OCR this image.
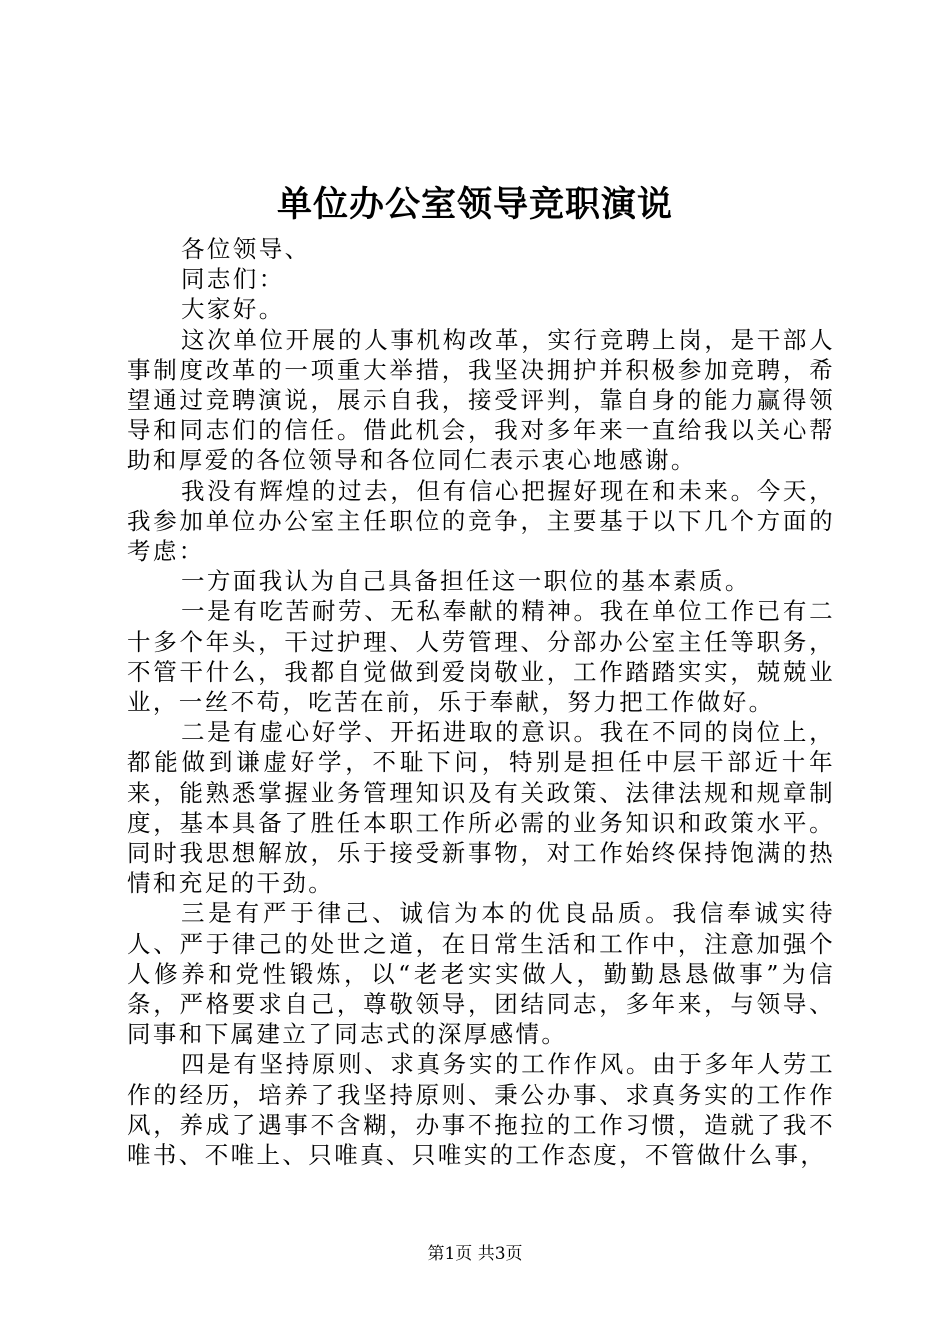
单位办公室领导竞职演说

各位领导、

同志们：

大家好。

这次单位开展的人事机构改革，实行竞聘上岗，是干部人事制度改革的一项重大举措，我坚决拥护并积极参加竞聘，希望通过竞聘演说，展示自我，接受评判，靠自身的能力赢得领导和同志们的信任。借此机会，我对多年来一直给我以关心帮助和厚爱的各位领导和各位同仁表示衷心地感谢。

我没有辉煌的过去，但有信心把握好现在和未来。今天，我参加单位办公室主任职位的竞争，主要基于以下几个方面的考虑：

一方面我认为自己具备担任这一职位的基本素质。

一是有吃苦耐劳、无私奉献的精神。我在单位工作已有二十多个年头，干过护理、人劳管理、分部办公室主任等职务，不管干什么，我都自觉做到爱岗敬业，工作踏踏实实，兢兢业业，一丝不苟，吃苦在前，乐于奉献，努力把工作做好。

二是有虚心好学、开拓进取的意识。我在不同的岗位上，都能做到谦虚好学，不耻下问，特别是担任中层干部近十年来，能熟悉掌握业务管理知识及有关政策、法律法规和规章制度，基本具备了胜任本职工作所必需的业务知识和政策水平。同时我思想解放，乐于接受新事物，对工作始终保持饱满的热情和充足的干劲。

三是有严于律己、诚信为本的优良品质。我信奉诚实待人、严于律己的处世之道，在日常生活和工作中，注意加强个人修养和党性锻炼，以“老老实实做人，勤勤恳恳做事”为信条，严格要求自己，尊敬领导，团结同志，多年来，与领导、同事和下属建立了同志式的深厚感情。

四是有坚持原则、求真务实的工作作风。由于多年人劳工作的经历，培养了我坚持原则、秉公办事、求真务实的工作作风，养成了遇事不含糊，办事不拖拉的工作习惯，造就了我不唯书、不唯上、只唯真、只唯实的工作态度，不管做什么事，

第1页 共3页
